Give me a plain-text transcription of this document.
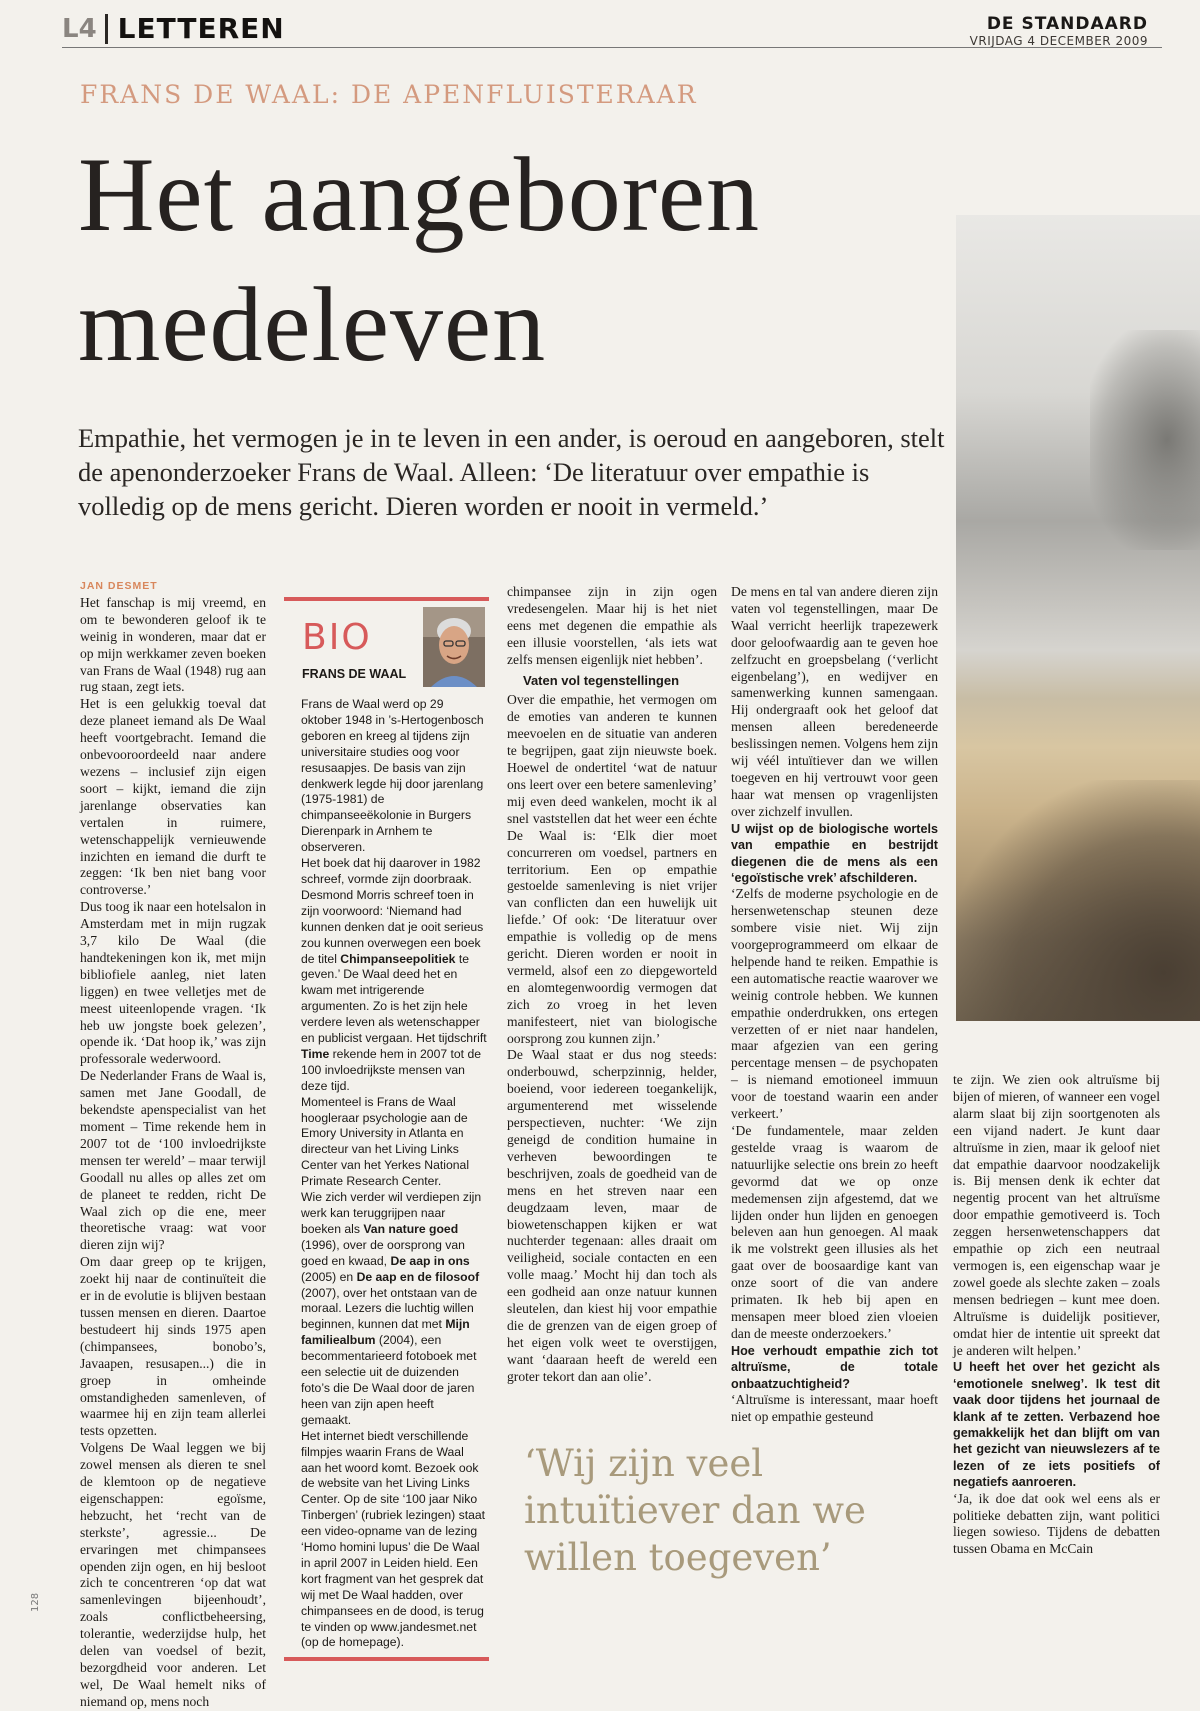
L4 LETTEREN	DE STANDAARD
VRIJDAG 4 DECEMBER 2009
FRANS DE WAAL: DE APENFLUISTERAAR
Het aangeboren
medeleven

Empathie, het vermogen je in te leven in een ander, is oeroud en aangeboren, stelt de apenonderzoeker Frans de Waal. Alleen: ‘De literatuur over empathie is volledig op de mens gericht. Dieren worden er nooit in vermeld.’

JAN DESMET

Het fanschap is mij vreemd, en om te bewonderen geloof ik te weinig in wonderen, maar dat er op mijn werkkamer zeven boeken van Frans de Waal (1948) rug aan rug staan, zegt iets.

Het is een gelukkig toeval dat deze planeet iemand als De Waal heeft voortgebracht. Iemand die onbevooroordeeld naar andere wezens – inclusief zijn eigen soort – kijkt, iemand die zijn jarenlange observaties kan vertalen in ruimere, wetenschappelijk vernieuwende inzichten en iemand die durft te zeggen: ‘Ik ben niet bang voor controverse.’

Dus toog ik naar een hotelsalon in Amsterdam met in mijn rugzak 3,7 kilo De Waal (die handtekeningen kon ik, met mijn bibliofiele aanleg, niet laten liggen) en twee velletjes met de meest uiteenlopende vragen. ‘Ik heb uw jongste boek gelezen’, opende ik. ‘Dat hoop ik,’ was zijn professorale wederwoord.

De Nederlander Frans de Waal is, samen met Jane Goodall, de bekendste apenspecialist van het moment – Time rekende hem in 2007 tot de ‘100 invloedrijkste mensen ter wereld’ – maar terwijl Goodall nu alles op alles zet om de planeet te redden, richt De Waal zich op die ene, meer theoretische vraag: wat voor dieren zijn wij?

Om daar greep op te krijgen, zoekt hij naar de continuïteit die er in de evolutie is blijven bestaan tussen mensen en dieren. Daartoe bestudeert hij sinds 1975 apen (chimpansees, bonobo’s, Javaapen, resusapen...) die in groep in omheinde omstandigheden samenleven, of waarmee hij en zijn team allerlei tests opzetten.

Volgens De Waal leggen we bij zowel mensen als dieren te snel de klemtoon op de negatieve eigenschappen: egoïsme, hebzucht, het ‘recht van de sterkste’, agressie... De ervaringen met chimpansees openden zijn ogen, en hij besloot zich te concentreren ‘op dat wat samenlevingen bijeenhoudt’, zoals conflictbeheersing, tolerantie, wederzijdse hulp, het delen van voedsel of bezit, bezorgdheid voor anderen. Let wel, De Waal hemelt niks of niemand op, mens noch

BIO
FRANS DE WAAL

Frans de Waal werd op 29 oktober 1948 in ’s-Hertogenbosch geboren en kreeg al tijdens zijn universitaire studies oog voor resusaapjes. De basis van zijn denkwerk legde hij door jarenlang (1975-1981) de chimpanseeëkolonie in Burgers Dierenpark in Arnhem te observeren.

Het boek dat hij daarover in 1982 schreef, vormde zijn doorbraak. Desmond Morris schreef toen in zijn voorwoord: ‘Niemand had kunnen denken dat je ooit serieus zou kunnen overwegen een boek de titel Chimpanseepolitiek te geven.’ De Waal deed het en kwam met intrigerende argumenten. Zo is het zijn hele verdere leven als wetenschapper en publicist vergaan. Het tijdschrift Time rekende hem in 2007 tot de 100 invloedrijkste mensen van deze tijd.

Momenteel is Frans de Waal hoogleraar psychologie aan de Emory University in Atlanta en directeur van het Living Links Center van het Yerkes National Primate Research Center.

Wie zich verder wil verdiepen zijn werk kan teruggrijpen naar boeken als Van nature goed (1996), over de oorsprong van goed en kwaad, De aap in ons (2005) en De aap en de filosoof (2007), over het ontstaan van de moraal. Lezers die luchtig willen beginnen, kunnen dat met Mijn familiealbum (2004), een becommentarieerd fotoboek met een selectie uit de duizenden foto’s die De Waal door de jaren heen van zijn apen heeft gemaakt.

Het internet biedt verschillende filmpjes waarin Frans de Waal aan het woord komt. Bezoek ook de website van het Living Links Center. Op de site ‘100 jaar Niko Tinbergen’ (rubriek lezingen) staat een video-opname van de lezing ‘Homo homini lupus’ die De Waal in april 2007 in Leiden hield. Een kort fragment van het gesprek dat wij met De Waal hadden, over chimpansees en de dood, is terug te vinden op www.jandesmet.net (op de homepage).

chimpansee zijn in zijn ogen vredesengelen. Maar hij is het niet eens met degenen die empathie als een illusie voorstellen, ‘als iets wat zelfs mensen eigenlijk niet hebben’.

Vaten vol tegenstellingen

Over die empathie, het vermogen om de emoties van anderen te kunnen meevoelen en de situatie van anderen te begrijpen, gaat zijn nieuwste boek. Hoewel de ondertitel ‘wat de natuur ons leert over een betere samenleving’ mij even deed wankelen, mocht ik al snel vaststellen dat het weer een échte De Waal is: ‘Elk dier moet concurreren om voedsel, partners en territorium. Een op empathie gestoelde samenleving is niet vrijer van conflicten dan een huwelijk uit liefde.’ Of ook: ‘De literatuur over empathie is volledig op de mens gericht. Dieren worden er nooit in vermeld, alsof een zo diepgeworteld en alomtegenwoordig vermogen dat zich zo vroeg in het leven manifesteert, niet van biologische oorsprong zou kunnen zijn.’

De Waal staat er dus nog steeds: onderbouwd, scherpzinnig, helder, boeiend, voor iedereen toegankelijk, argumenterend met wisselende perspectieven, nuchter: ‘We zijn geneigd de condition humaine in verheven bewoordingen te beschrijven, zoals de goedheid van de mens en het streven naar een deugdzaam leven, maar de biowetenschappen kijken er wat nuchterder tegenaan: alles draait om veiligheid, sociale contacten en een volle maag.’ Mocht hij dan toch als een godheid aan onze natuur kunnen sleutelen, dan kiest hij voor empathie die de grenzen van de eigen groep of het eigen volk weet te overstijgen, want ‘daaraan heeft de wereld een groter tekort dan aan olie’.

De mens en tal van andere dieren zijn vaten vol tegenstellingen, maar De Waal verricht heerlijk trapezewerk door geloofwaardig aan te geven hoe zelfzucht en groepsbelang (‘verlicht eigenbelang’), en wedijver en samenwerking kunnen samengaan. Hij ondergraaft ook het geloof dat mensen alleen beredeneerde beslissingen nemen. Volgens hem zijn wij véél intuïtiever dan we willen toegeven en hij vertrouwt voor geen haar wat mensen op vragenlijsten over zichzelf invullen.

U wijst op de biologische wortels van empathie en bestrijdt diegenen die de mens als een ‘egoïstische vrek’ afschilderen.

‘Zelfs de moderne psychologie en de hersenwetenschap steunen deze sombere visie niet. Wij zijn voorgeprogrammeerd om elkaar de helpende hand te reiken. Empathie is een automatische reactie waarover we weinig controle hebben. We kunnen empathie onderdrukken, ons ertegen verzetten of er niet naar handelen, maar afgezien van een gering percentage mensen – de psychopaten – is niemand emotioneel immuun voor de toestand waarin een ander verkeert.’

‘De fundamentele, maar zelden gestelde vraag is waarom de natuurlijke selectie ons brein zo heeft gevormd dat we op onze medemensen zijn afgestemd, dat we lijden onder hun lijden en genoegen beleven aan hun genoegen. Al maak ik me volstrekt geen illusies als het gaat over de boosaardige kant van onze soort of die van andere primaten. Ik heb bij apen en mensapen meer bloed zien vloeien dan de meeste onderzoekers.’

Hoe verhoudt empathie zich tot altruïsme, de totale onbaatzuchtigheid?

‘Altruïsme is interessant, maar hoeft niet op empathie gesteund

te zijn. We zien ook altruïsme bij bijen of mieren, of wanneer een vogel alarm slaat bij zijn soortgenoten als een vijand nadert. Je kunt daar altruïsme in zien, maar ik geloof niet dat empathie daarvoor noodzakelijk is. Bij mensen denk ik echter dat negentig procent van het altruïsme door empathie gemotiveerd is. Toch zeggen hersenwetenschappers dat empathie op zich een neutraal vermogen is, een eigenschap waar je zowel goede als slechte zaken – zoals mensen bedriegen – kunt mee doen. Altruïsme is duidelijk positiever, omdat hier de intentie uit spreekt dat je anderen wilt helpen.’

U heeft het over het gezicht als ‘emotionele snelweg’. Ik test dit vaak door tijdens het journaal de klank af te zetten. Verbazend hoe gemakkelijk het dan blijft om van het gezicht van nieuwslezers af te lezen of ze iets positiefs of negatiefs aanroeren.

‘Ja, ik doe dat ook wel eens als er politieke debatten zijn, want politici liegen sowieso. Tijdens de debatten tussen Obama en McCain

‘Wij zijn veel intuïtiever dan we willen toegeven’

128
